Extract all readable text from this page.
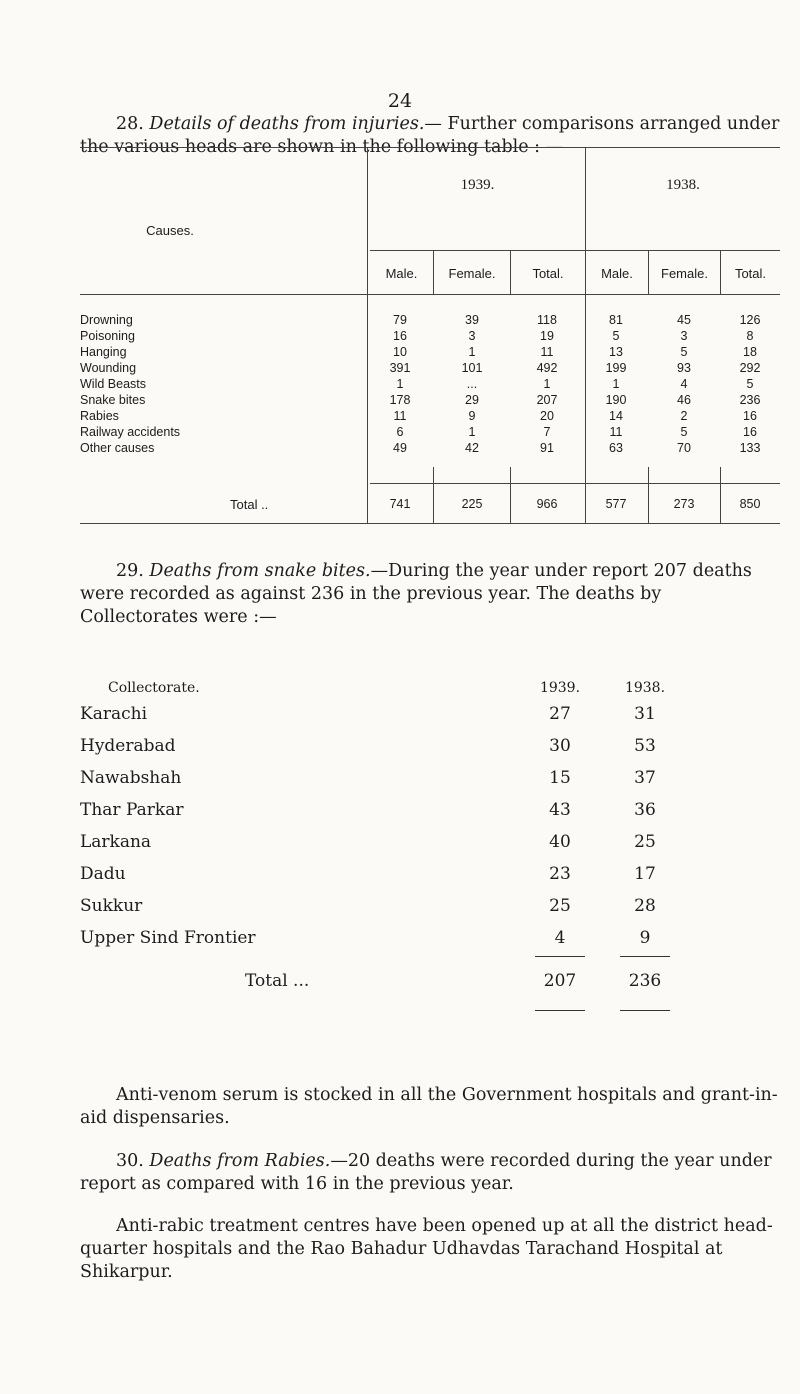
24
28. Details of deaths from injuries.— Further comparisons arranged under the various heads are shown in the following table : —
Causes.
1939.	1938.
Male.	Female.	Total.	Male.	Female.	Total.
Drowning	79	39	118	81	45	126
Poisoning	16	3	19	5	3	8
Hanging	10	1	11	13	5	18
Wounding	391	101	492	199	93	292
Wild Beasts	1	...	1	1	4	5
Snake bites	178	29	207	190	46	236
Rabies	11	9	20	14	2	16
Railway accidents	6	1	7	11	5	16
Other causes	49	42	91	63	70	133
Total ..	741	225	966	577	273	850
29. Deaths from snake bites.—During the year under report 207 deaths were recorded as against 236 in the previous year. The deaths by Collectorates were :—
Collectorate.	1939.	1938.
Karachi	27	31
Hyderabad	30	53
Nawabshah	15	37
Thar Parkar	43	36
Larkana	40	25
Dadu	23	17
Sukkur	25	28
Upper Sind Frontier	4	9
Total ...	207	236
Anti-venom serum is stocked in all the Government hospitals and grant-in-aid dispensaries.
30. Deaths from Rabies.—20 deaths were recorded during the year under report as compared with 16 in the previous year.
Anti-rabic treatment centres have been opened up at all the district head-quarter hospitals and the Rao Bahadur Udhavdas Tarachand Hospital at Shikarpur.
